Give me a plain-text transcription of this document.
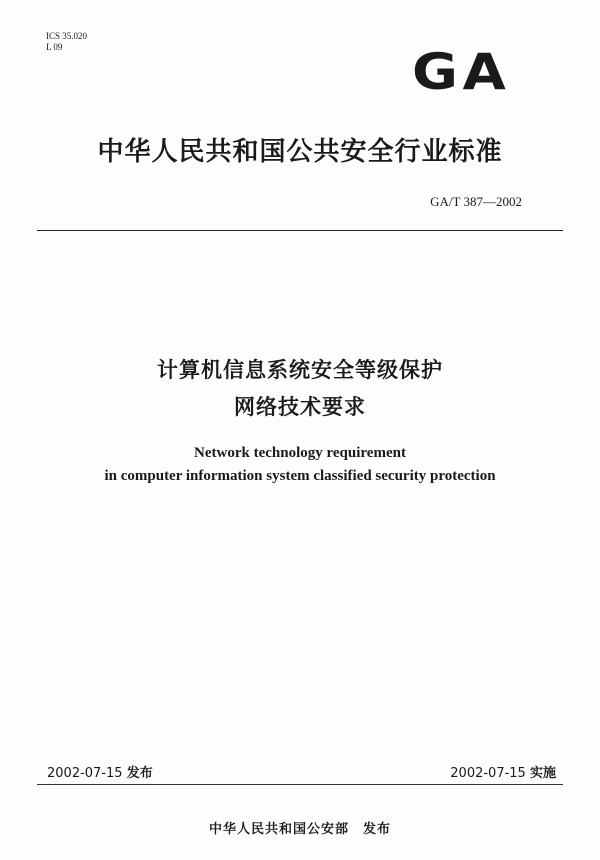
ICS 35.020
L 09	GA
中华人民共和国公共安全行业标准
GA/T 387—2002
计算机信息系统安全等级保护
网络技术要求
Network technology requirement
in computer information system classified security protection
2002-07-15 发布	2002-07-15 实施
中华人民共和国公安部 发布
